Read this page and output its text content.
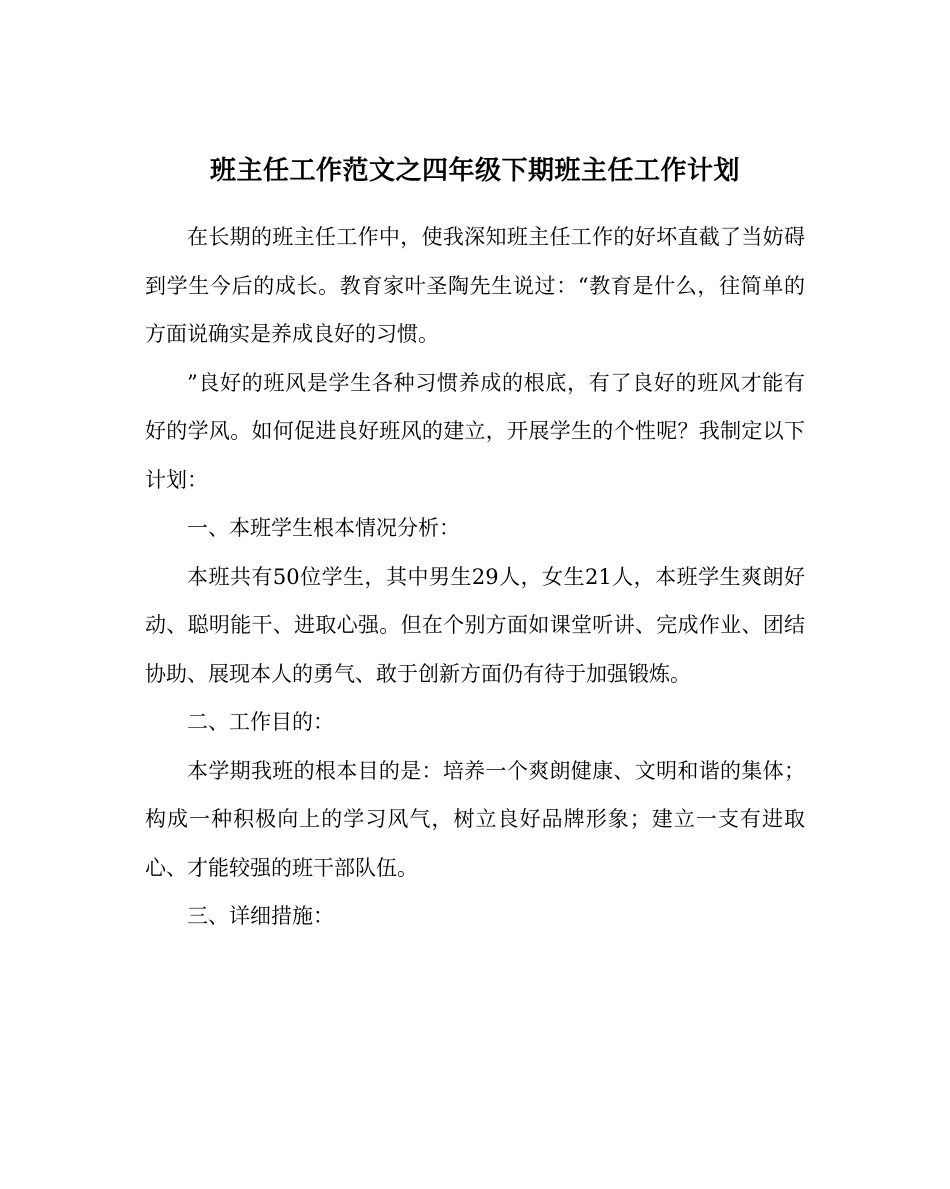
班主任工作范文之四年级下期班主任工作计划

在长期的班主任工作中，使我深知班主任工作的好坏直截了当妨碍到学生今后的成长。教育家叶圣陶先生说过：“教育是什么，往简单的方面说确实是养成良好的习惯。

”良好的班风是学生各种习惯养成的根底，有了良好的班风才能有好的学风。如何促进良好班风的建立，开展学生的个性呢？我制定以下计划：

一、本班学生根本情况分析：

本班共有50位学生，其中男生29人，女生21人，本班学生爽朗好动、聪明能干、进取心强。但在个别方面如课堂听讲、完成作业、团结协助、展现本人的勇气、敢于创新方面仍有待于加强锻炼。

二、工作目的：

本学期我班的根本目的是：培养一个爽朗健康、文明和谐的集体；构成一种积极向上的学习风气，树立良好品牌形象；建立一支有进取心、才能较强的班干部队伍。

三、详细措施：
